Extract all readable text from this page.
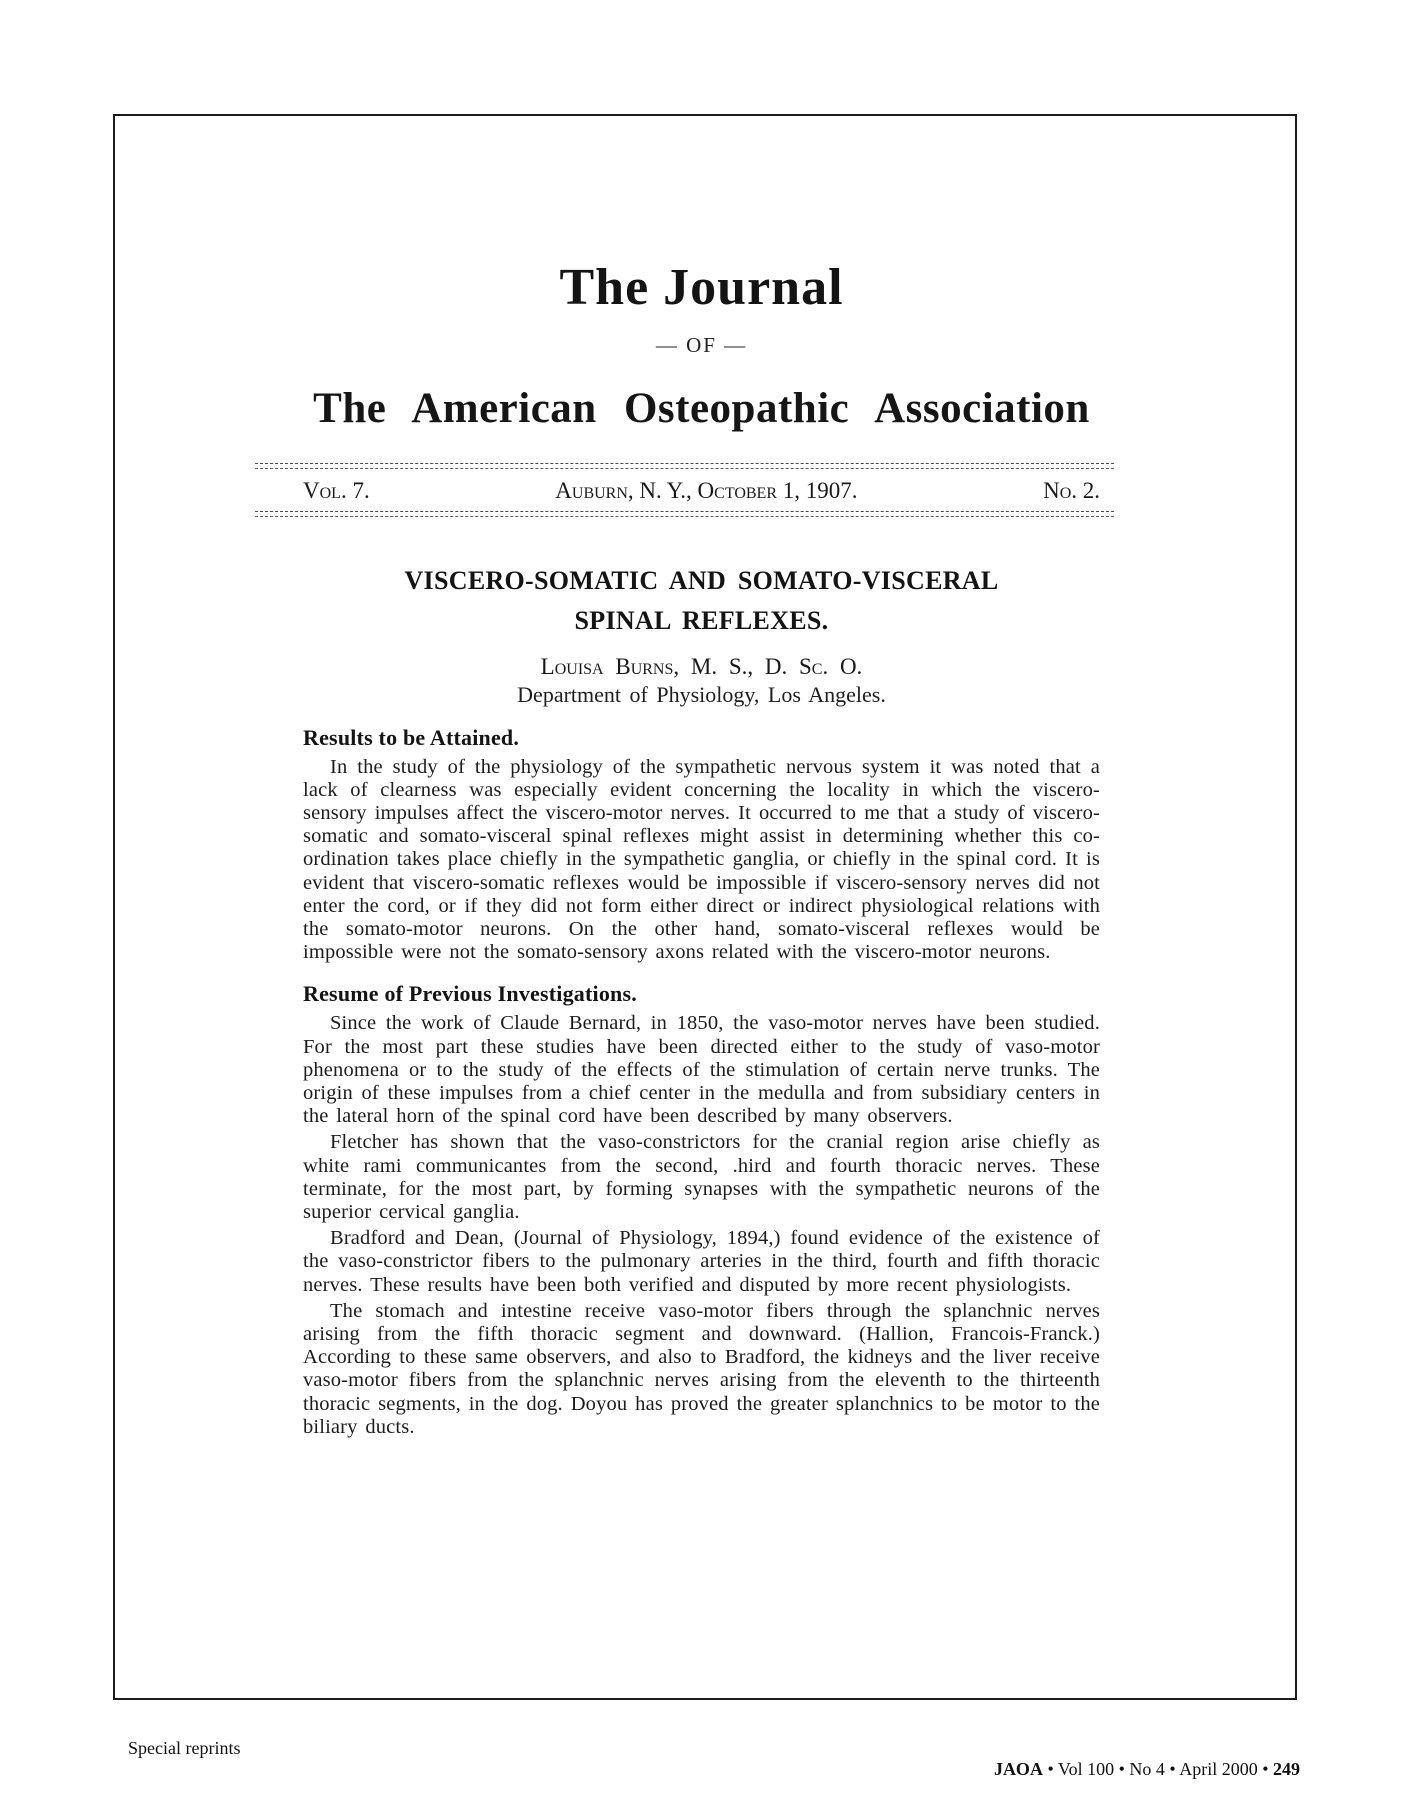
The Journal
— OF —
The American Osteopathic Association
Vol. 7.	Auburn, N. Y., October 1, 1907.	No. 2.
VISCERO-SOMATIC AND SOMATO-VISCERAL
SPINAL REFLEXES.
Louisa Burns, M. S., D. Sc. O.
Department of Physiology, Los Angeles.
Results to be Attained.

In the study of the physiology of the sympathetic nervous system it was noted that a lack of clearness was especially evident concerning the locality in which the viscero-sensory impulses affect the viscero-motor nerves. It occurred to me that a study of viscero-somatic and somato-visceral spinal reflexes might assist in determining whether this co-ordination takes place chiefly in the sympathetic ganglia, or chiefly in the spinal cord. It is evident that viscero-somatic reflexes would be impossible if viscero-sensory nerves did not enter the cord, or if they did not form either direct or indirect physiological relations with the somato-motor neurons. On the other hand, somato-visceral reflexes would be impossible were not the somato-sensory axons related with the viscero-motor neurons.

Resume of Previous Investigations.

Since the work of Claude Bernard, in 1850, the vaso-motor nerves have been studied. For the most part these studies have been directed either to the study of vaso-motor phenomena or to the study of the effects of the stimulation of certain nerve trunks. The origin of these impulses from a chief center in the medulla and from subsidiary centers in the lateral horn of the spinal cord have been described by many observers.

Fletcher has shown that the vaso-constrictors for the cranial region arise chiefly as white rami communicantes from the second, .hird and fourth thoracic nerves. These terminate, for the most part, by forming synapses with the sympathetic neurons of the superior cervical ganglia.

Bradford and Dean, (Journal of Physiology, 1894,) found evidence of the existence of the vaso-constrictor fibers to the pulmonary arteries in the third, fourth and fifth thoracic nerves. These results have been both verified and disputed by more recent physiologists.

The stomach and intestine receive vaso-motor fibers through the splanchnic nerves arising from the fifth thoracic segment and downward. (Hallion, Francois-Franck.) According to these same observers, and also to Bradford, the kidneys and the liver receive vaso-motor fibers from the splanchnic nerves arising from the eleventh to the thirteenth thoracic segments, in the dog. Doyou has proved the greater splanchnics to be motor to the biliary ducts.

Special reprints

JAOA • Vol 100 • No 4 • April 2000 • 249
